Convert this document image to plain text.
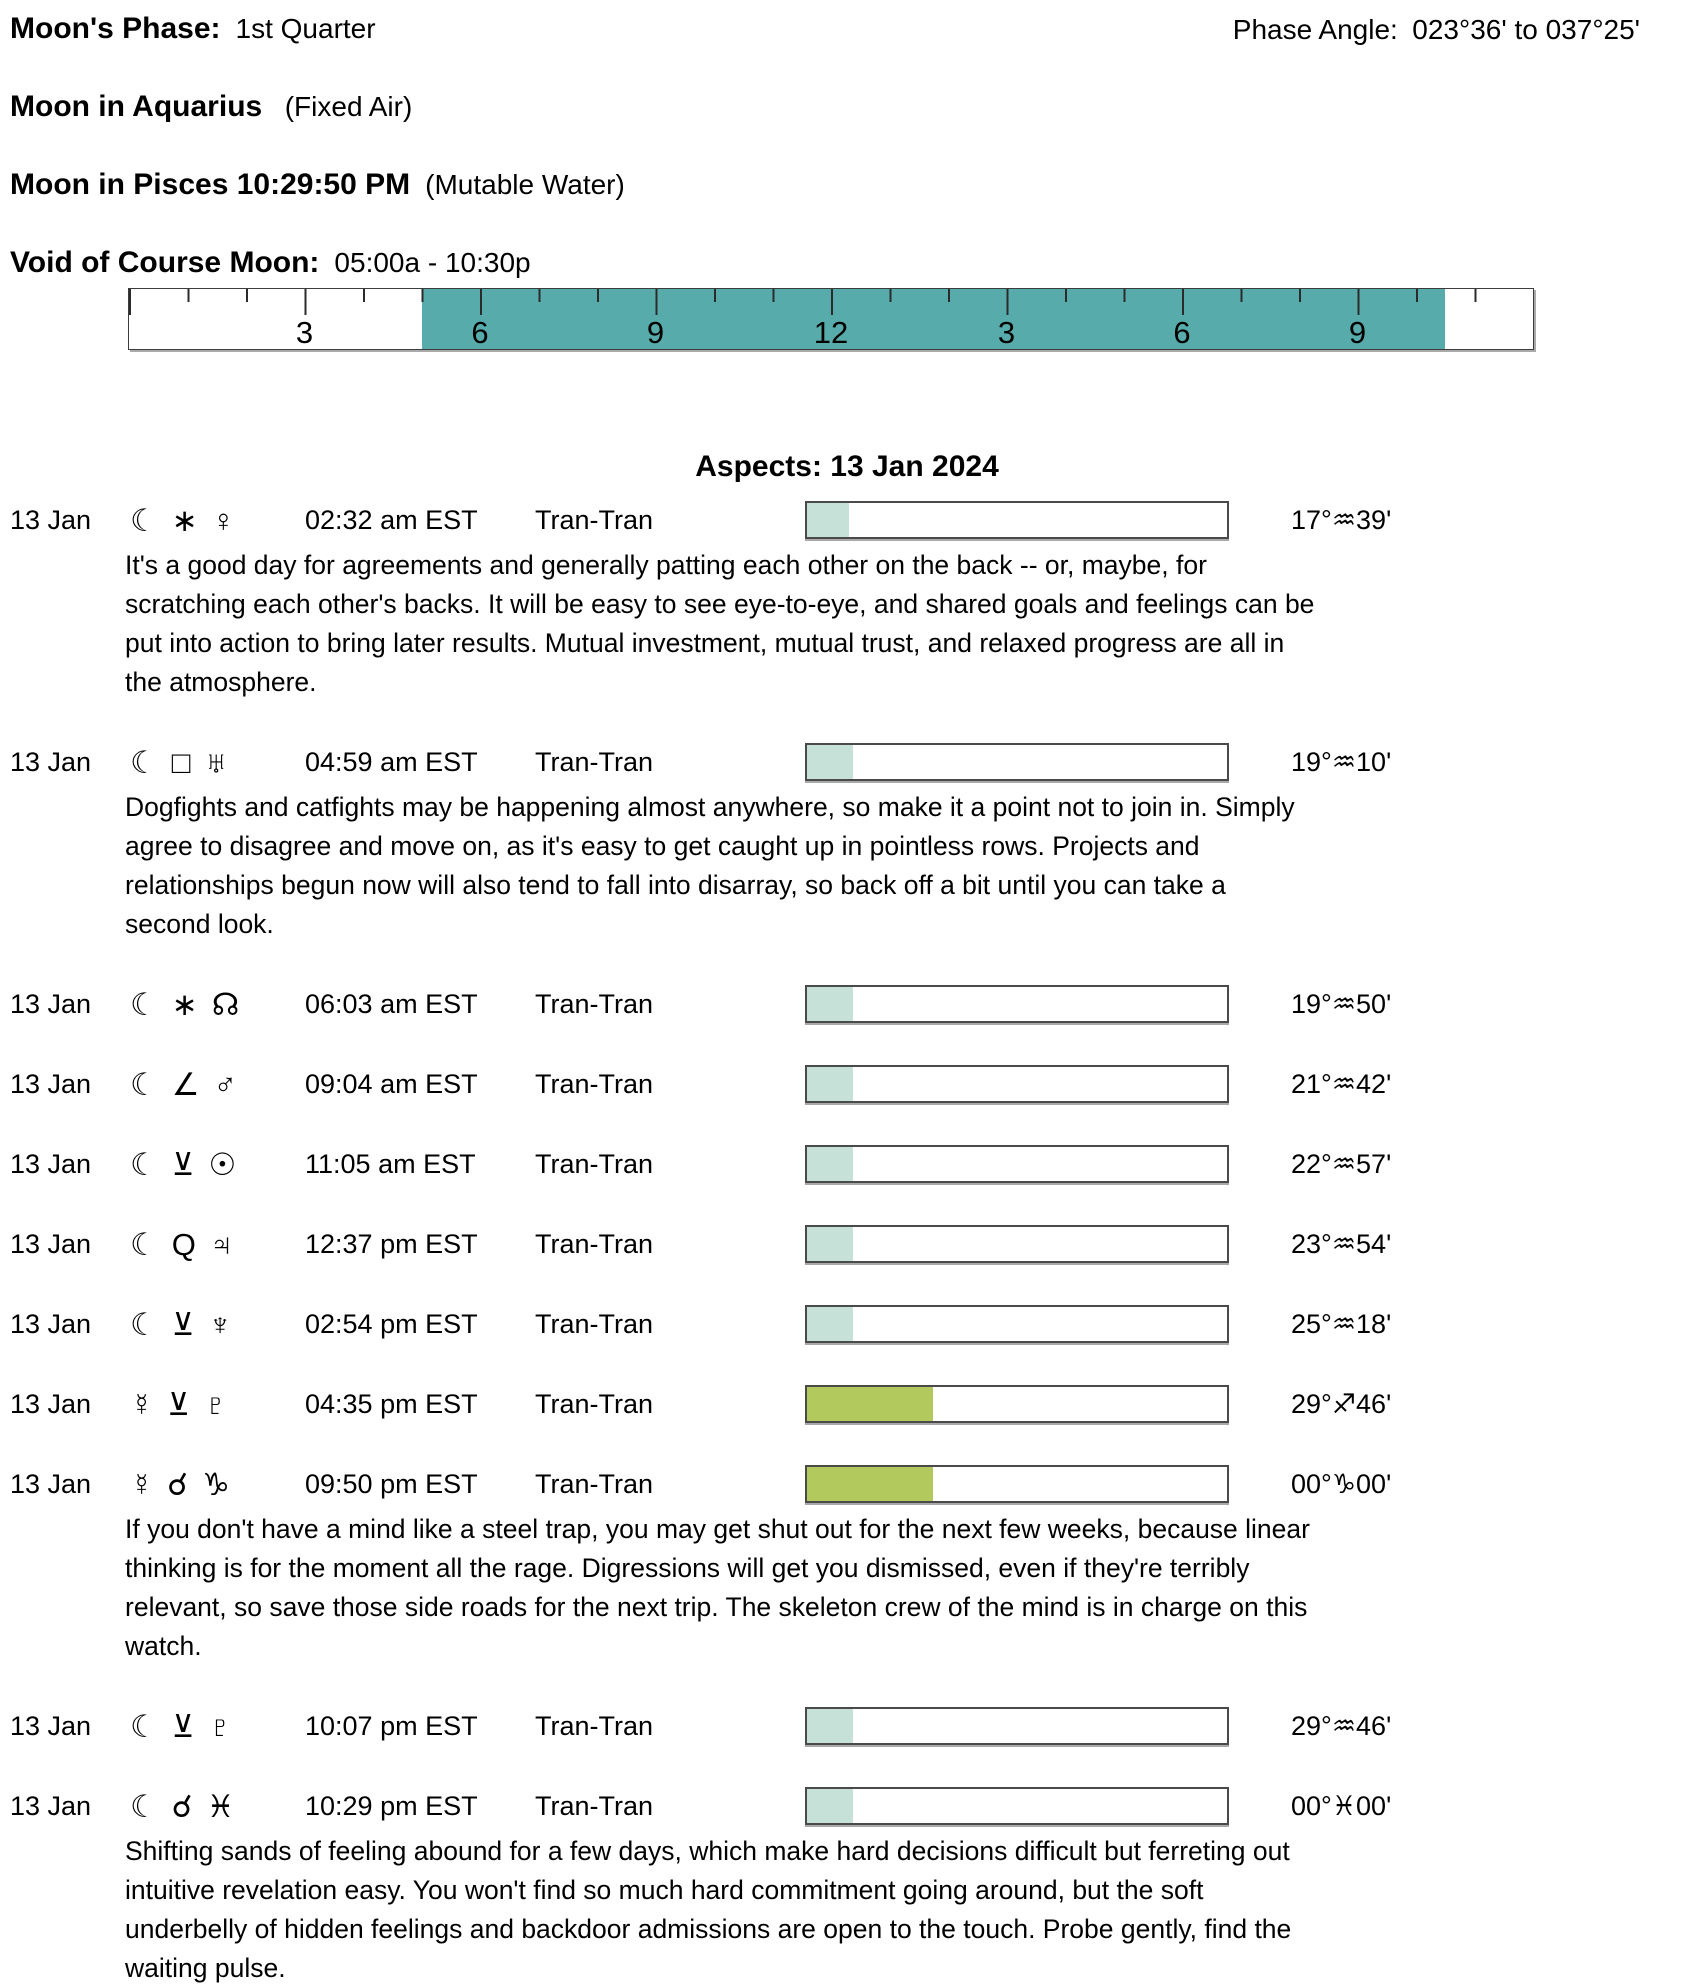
Phase Angle: 023°36' to 037°25'
Moon's Phase: 1st Quarter
Moon in Aquarius (Fixed Air)
Moon in Pisces 10:29:50 PM (Mutable Water)
Void of Course Moon: 05:00a - 10:30p
3	6	9	12	3	6	9
Aspects: 13 Jan 2024
13 Jan	☾ ∗ ♀	02:32 am EST	Tran-Tran	17°♒39'
It's a good day for agreements and generally patting each other on the back -- or, maybe, for scratching each other's backs. It will be easy to see eye-to-eye, and shared goals and feelings can be put into action to bring later results. Mutual investment, mutual trust, and relaxed progress are all in the atmosphere.
13 Jan	☾ □ ♅	04:59 am EST	Tran-Tran	19°♒10'
Dogfights and catfights may be happening almost anywhere, so make it a point not to join in. Simply agree to disagree and move on, as it's easy to get caught up in pointless rows. Projects and relationships begun now will also tend to fall into disarray, so back off a bit until you can take a second look.
13 Jan	☾ ∗ ☊ 06:03 am EST	Tran-Tran	19°♒50'
13 Jan	☾ ∠ ♂	09:04 am EST	Tran-Tran	21°♒42'
13 Jan	☾ ⊻ ☉	11:05 am EST	Tran-Tran	22°♒57'
13 Jan	☾ Q ♃	12:37 pm EST	Tran-Tran	23°♒54'
13 Jan	☾ ⊻ ♆	02:54 pm EST	Tran-Tran	25°♒18'
13 Jan	☿ ⊻ ♇	04:35 pm EST	Tran-Tran	29°♐46'
13 Jan	☿ ☌ ♑	09:50 pm EST	Tran-Tran	00°♑00'
If you don't have a mind like a steel trap, you may get shut out for the next few weeks, because linear thinking is for the moment all the rage. Digressions will get you dismissed, even if they're terribly relevant, so save those side roads for the next trip. The skeleton crew of the mind is in charge on this watch.
13 Jan	☾ ⊻ ♇	10:07 pm EST	Tran-Tran	29°♒46'
13 Jan	☾ ☌ ♓	10:29 pm EST	Tran-Tran	00°♓00'
Shifting sands of feeling abound for a few days, which make hard decisions difficult but ferreting out intuitive revelation easy. You won't find so much hard commitment going around, but the soft underbelly of hidden feelings and backdoor admissions are open to the touch. Probe gently, find the waiting pulse.
